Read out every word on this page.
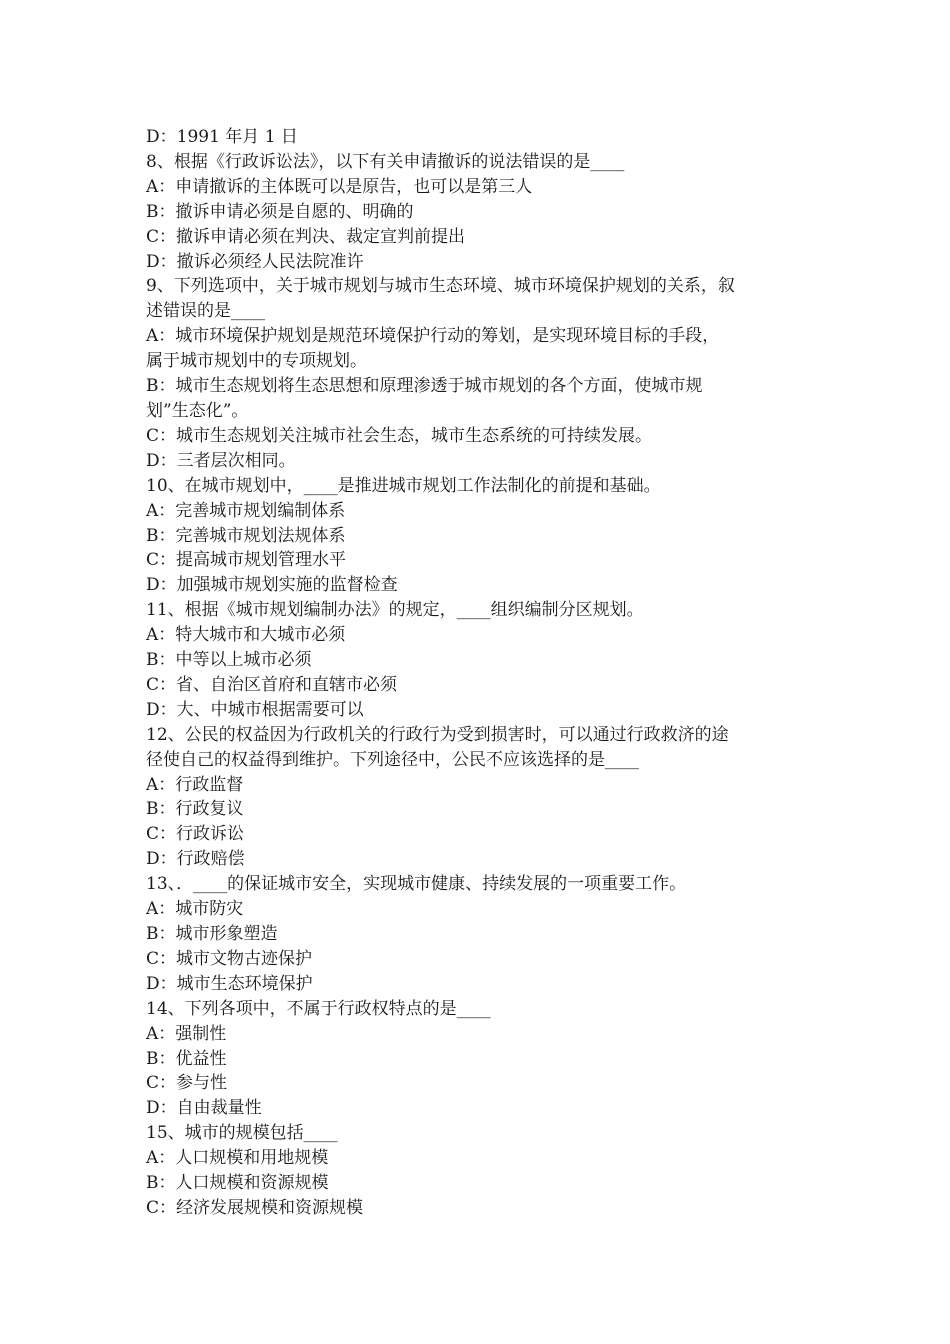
D：1991 年月 1 日

8、根据《行政诉讼法》，以下有关申请撤诉的说法错误的是____

A：申请撤诉的主体既可以是原告，也可以是第三人

B：撤诉申请必须是自愿的、明确的

C：撤诉申请必须在判决、裁定宣判前提出

D：撤诉必须经人民法院准许

9、下列选项中，关于城市规划与城市生态环境、城市环境保护规划的关系，叙

述错误的是____

A：城市环境保护规划是规范环境保护行动的筹划，是实现环境目标的手段，

属于城市规划中的专项规划。

B：城市生态规划将生态思想和原理渗透于城市规划的各个方面，使城市规

划”生态化”。

C：城市生态规划关注城市社会生态，城市生态系统的可持续发展。

D：三者层次相同。

10、在城市规划中，____是推进城市规划工作法制化的前提和基础。

A：完善城市规划编制体系

B：完善城市规划法规体系

C：提高城市规划管理水平

D：加强城市规划实施的监督检查

11、根据《城市规划编制办法》的规定，____组织编制分区规划。

A：特大城市和大城市必须

B：中等以上城市必须

C：省、自治区首府和直辖市必须

D：大、中城市根据需要可以

12、公民的权益因为行政机关的行政行为受到损害时，可以通过行政救济的途

径使自己的权益得到维护。下列途径中，公民不应该选择的是____

A：行政监督

B：行政复议

C：行政诉讼

D：行政赔偿

13、．____的保证城市安全，实现城市健康、持续发展的一项重要工作。

A：城市防灾

B：城市形象塑造

C：城市文物古迹保护

D：城市生态环境保护

14、下列各项中，不属于行政权特点的是____

A：强制性

B：优益性

C：参与性

D：自由裁量性

15、城市的规模包括____

A：人口规模和用地规模

B：人口规模和资源规模

C：经济发展规模和资源规模
